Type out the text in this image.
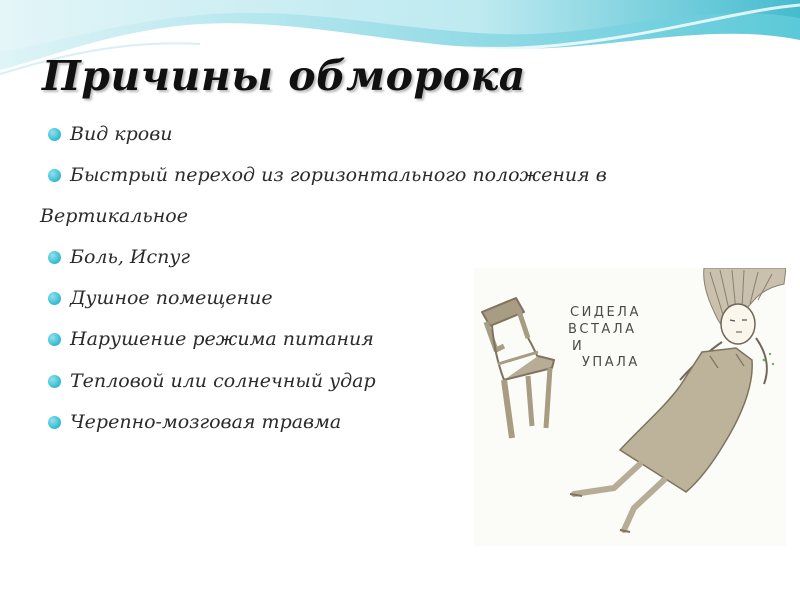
Причины обморока
Вид крови
Быстрый переход из горизонтального положения в
Вертикальное
Боль, Испуг
Душное помещение
Нарушение режима питания
Тепловой или солнечный удар
Черепно-мозговая травма
СИДЕЛА
ВСТАЛА
И
УПАЛА
